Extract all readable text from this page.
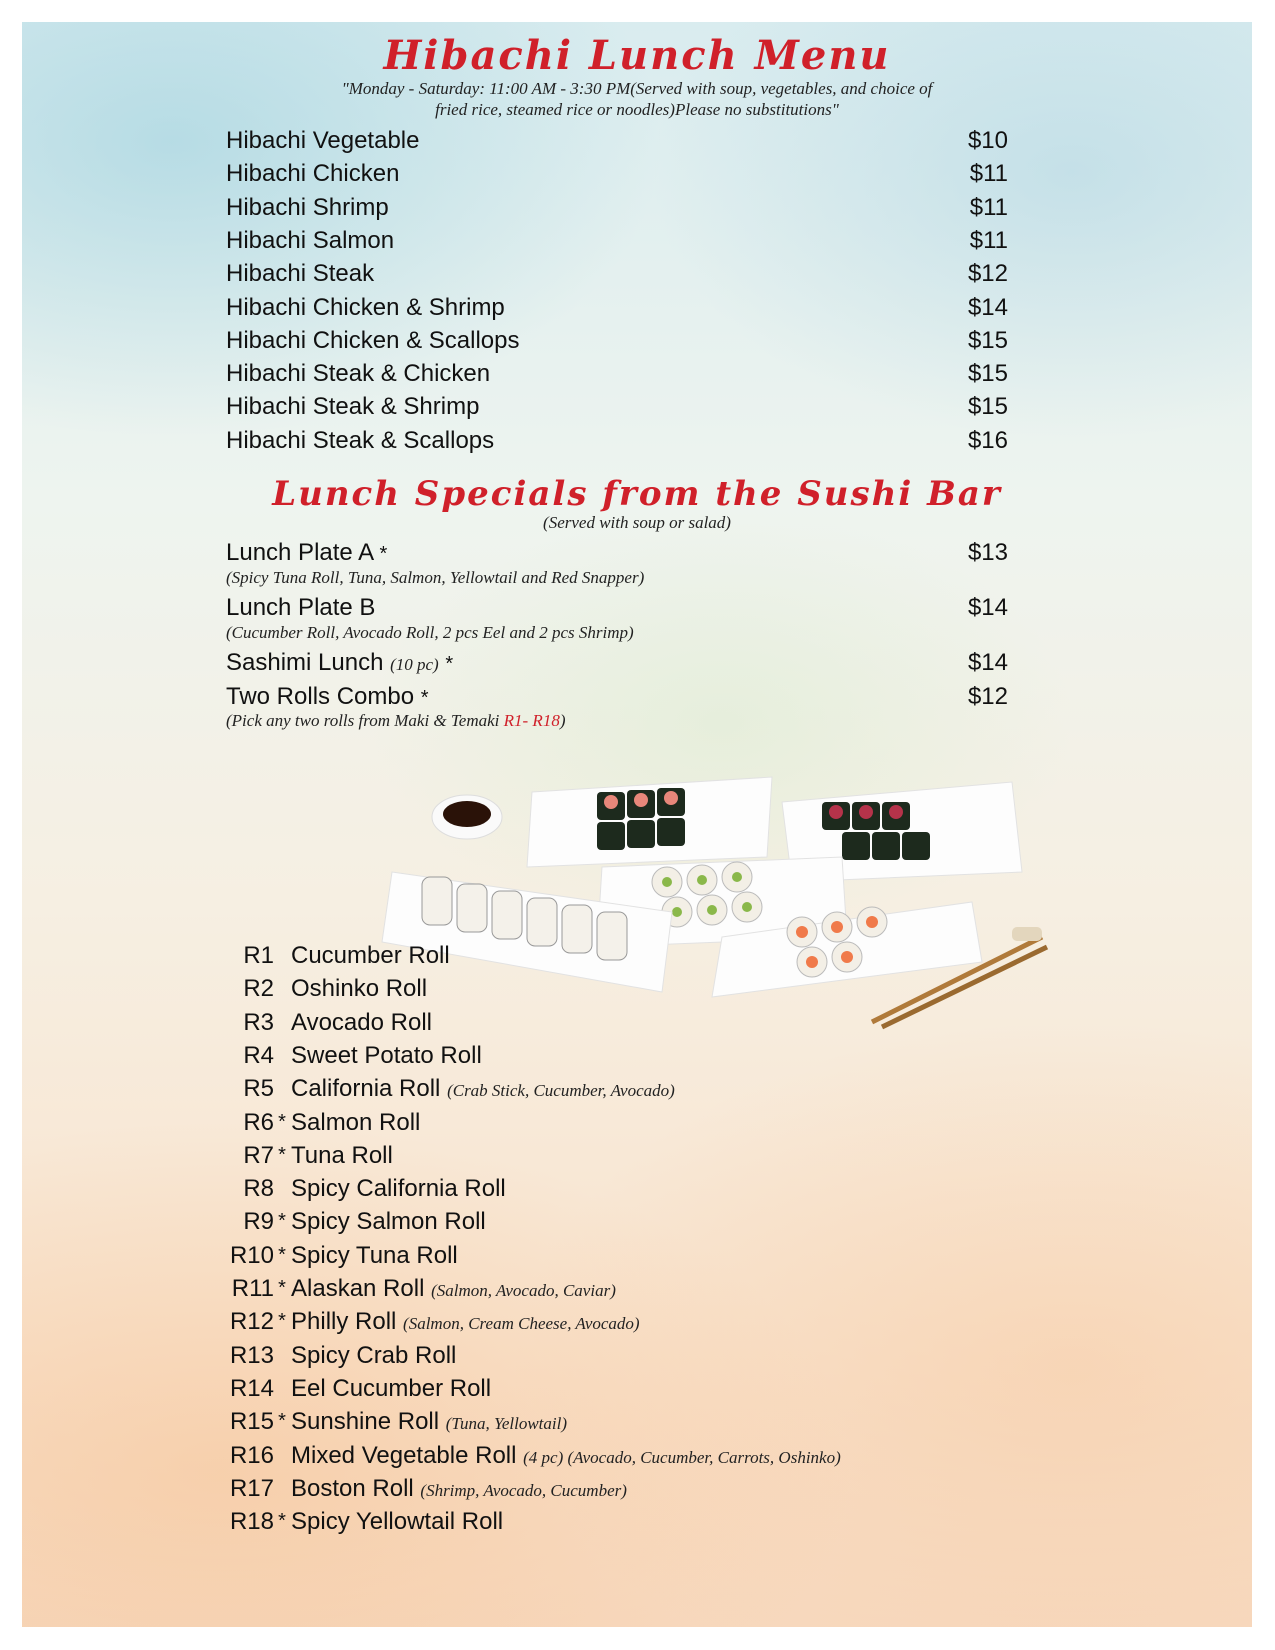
Hibachi Lunch Menu
"Monday - Saturday: 11:00 AM - 3:30 PM(Served with soup, vegetables, and choice of
fried rice, steamed rice or noodles)Please no substitutions"
Hibachi Vegetable	$10
Hibachi Chicken	$11
Hibachi Shrimp	$11
Hibachi Salmon	$11
Hibachi Steak	$12
Hibachi Chicken & Shrimp	$14
Hibachi Chicken & Scallops	$15
Hibachi Steak & Chicken	$15
Hibachi Steak & Shrimp	$15
Hibachi Steak & Scallops	$16
Lunch Specials from the Sushi Bar
(Served with soup or salad)
Lunch Plate A *	$13
(Spicy Tuna Roll, Tuna, Salmon, Yellowtail and Red Snapper)
Lunch Plate B	$14
(Cucumber Roll, Avocado Roll, 2 pcs Eel and 2 pcs Shrimp)
Sashimi Lunch (10 pc) *	$14
Two Rolls Combo *	$12
(Pick any two rolls from Maki & Temaki R1- R18)
R1 Cucumber Roll
R2 Oshinko Roll
R3 Avocado Roll
R4 Sweet Potato Roll
R5 California Roll (Crab Stick, Cucumber, Avocado)
R6 * Salmon Roll
R7 * Tuna Roll
R8 Spicy California Roll
R9 * Spicy Salmon Roll
R10 * Spicy Tuna Roll
R11 * Alaskan Roll (Salmon, Avocado, Caviar)
R12 * Philly Roll (Salmon, Cream Cheese, Avocado)
R13 Spicy Crab Roll
R14 Eel Cucumber Roll
R15 * Sunshine Roll (Tuna, Yellowtail)
R16 Mixed Vegetable Roll (4 pc) (Avocado, Cucumber, Carrots, Oshinko)
R17 Boston Roll (Shrimp, Avocado, Cucumber)
R18 * Spicy Yellowtail Roll
